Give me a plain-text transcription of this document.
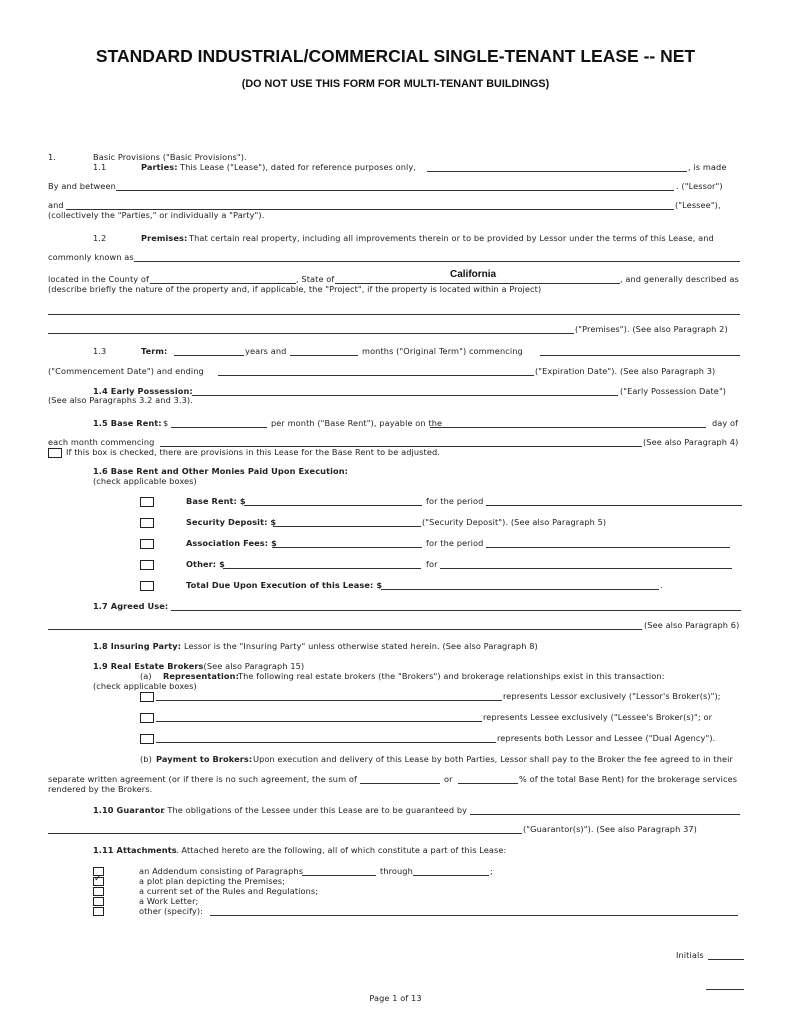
STANDARD INDUSTRIAL/COMMERCIAL SINGLE-TENANT LEASE -- NET
(DO NOT USE THIS FORM FOR MULTI-TENANT BUILDINGS)
1.	Basic Provisions ("Basic Provisions").
1.1	Parties: This Lease ("Lease"), dated for reference purposes only,	, is made
By and between	. ("Lessor")
and	("Lessee"),
(collectively the "Parties," or individually a "Party").
1.2	Premises: That certain real property, including all improvements therein or to be provided by Lessor under the terms of this Lease, and
commonly known as
located in the County of	, State of	California	, and generally described as
(describe briefly the nature of the property and, if applicable, the "Project", if the property is located within a Project)
("Premises"). (See also Paragraph 2)
1.3	Term:	years and	months ("Original Term") commencing
("Commencement Date") and ending	("Expiration Date"). (See also Paragraph 3)
1.4 Early Possession:	("Early Possession Date")
(See also Paragraphs 3.2 and 3.3).
1.5 Base Rent: $	per month ("Base Rent"), payable on the	day of
each month commencing	(See also Paragraph 4)
If this box is checked, there are provisions in this Lease for the Base Rent to be adjusted.
1.6 Base Rent and Other Monies Paid Upon Execution:
(check applicable boxes)
Base Rent: $	for the period
Security Deposit: $	("Security Deposit"). (See also Paragraph 5)
Association Fees: $	for the period
Other: $	for
Total Due Upon Execution of this Lease: $	.
1.7 Agreed Use:
(See also Paragraph 6)
1.8 Insuring Party: Lessor is the "Insuring Party" unless otherwise stated herein. (See also Paragraph 8)
1.9 Real Estate Brokers
: (See also Paragraph 15)
(a) Representation: The following real estate brokers (the "Brokers") and brokerage relationships exist in this transaction:
(check applicable boxes)
represents Lessor exclusively ("Lessor's Broker(s)");
represents Lessee exclusively ("Lessee's Broker(s)"; or
represents both Lessor and Lessee ("Dual Agency").
(b) Payment to Brokers: Upon execution and delivery of this Lease by both Parties, Lessor shall pay to the Broker the fee agreed to in their
separate written agreement (or if there is no such agreement, the sum of	or	% of the total Base Rent) for the brokerage services
rendered by the Brokers.
1.10 Guarantor
. The obligations of the Lessee under this Lease are to be guaranteed by
("Guarantor(s)"). (See also Paragraph 37)
1.11 Attachments . Attached hereto are the following, all of which constitute a part of this Lease:
an Addendum consisting of Paragraphs	through	;
✓
a plot plan depicting the Premises;
a current set of the Rules and Regulations;
a Work Letter;
other (specify):
Initials
Page 1 of 13
